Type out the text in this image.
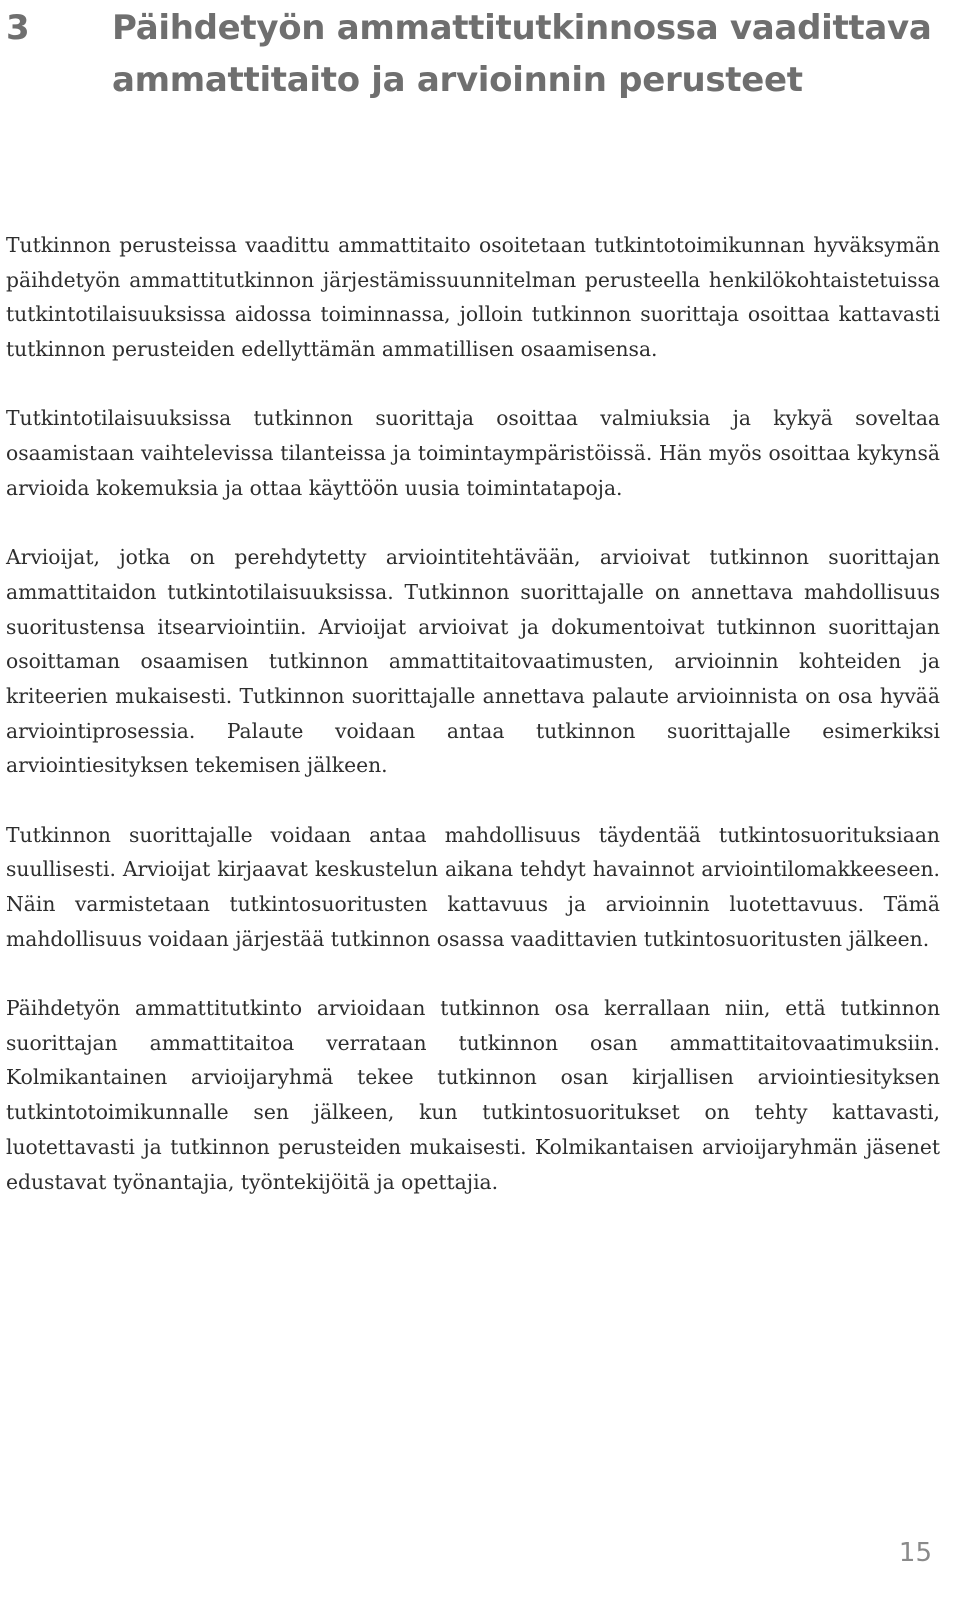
3 Päihdetyön ammattitutkinnossa vaadittava
ammattitaito ja arvioinnin perusteet

Tutkinnon perusteissa vaadittu ammattitaito osoitetaan tutkintotoimikunnan hyväksymän päihdetyön ammattitutkinnon järjestämissuunnitelman perusteella henkilökohtaistetuissa tutkintotilaisuuksissa aidossa toiminnassa, jolloin tutkinnon suorittaja osoittaa kattavasti tutkinnon perusteiden edellyttämän ammatillisen osaamisensa.

Tutkintotilaisuuksissa tutkinnon suorittaja osoittaa valmiuksia ja kykyä soveltaa osaamistaan vaihtelevissa tilanteissa ja toimintaympäristöissä. Hän myös osoittaa kykynsä arvioida kokemuksia ja ottaa käyttöön uusia toimintatapoja.

Arvioijat, jotka on perehdytetty arviointitehtävään, arvioivat tutkinnon suorittajan ammattitaidon tutkintotilaisuuksissa. Tutkinnon suorittajalle on annettava mahdollisuus suoritustensa itsearviointiin. Arvioijat arvioivat ja dokumentoivat tutkinnon suorittajan osoittaman osaamisen tutkinnon ammattitaitovaatimusten, arvioinnin kohteiden ja kriteerien mukaisesti. Tutkinnon suorittajalle annettava palaute arvioinnista on osa hyvää arviointiprosessia. Palaute voidaan antaa tutkinnon suorittajalle esimerkiksi arviointiesityksen tekemisen jälkeen.

Tutkinnon suorittajalle voidaan antaa mahdollisuus täydentää tutkintosuorituksiaan suullisesti. Arvioijat kirjaavat keskustelun aikana tehdyt havainnot arviointilomakkeeseen. Näin varmistetaan tutkintosuoritusten kattavuus ja arvioinnin luotettavuus. Tämä mahdollisuus voidaan järjestää tutkinnon osassa vaadittavien tutkintosuoritusten jälkeen.

Päihdetyön ammattitutkinto arvioidaan tutkinnon osa kerrallaan niin, että tutkinnon suorittajan ammattitaitoa verrataan tutkinnon osan ammattitaitovaatimuksiin. Kolmikantainen arvioijaryhmä tekee tutkinnon osan kirjallisen arviointiesityksen tutkintotoimikunnalle sen jälkeen, kun tutkintosuoritukset on tehty kattavasti, luotettavasti ja tutkinnon perusteiden mukaisesti. Kolmikantaisen arvioijaryhmän jäsenet edustavat työnantajia, työntekijöitä ja opettajia.

15
